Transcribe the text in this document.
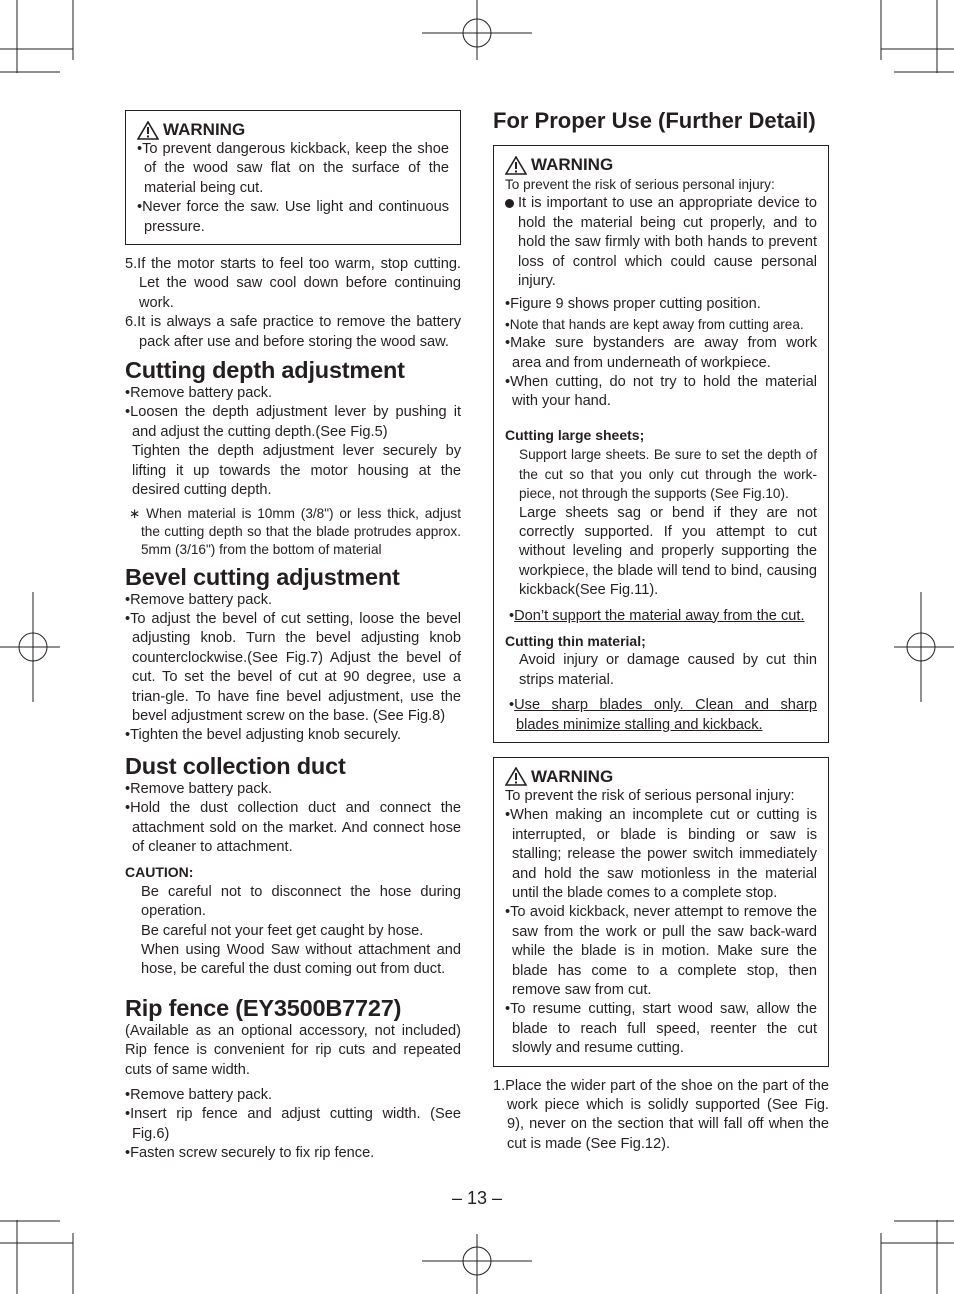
WARNING

•To prevent dangerous kickback, keep the shoe of the wood saw flat on the surface of the material being cut.

•Never force the saw. Use light and continuous pressure.

5.If the motor starts to feel too warm, stop cutting. Let the wood saw cool down before continuing work.

6.It is always a safe practice to remove the battery pack after use and before storing the wood saw.

Cutting depth adjustment

•Remove battery pack.

•Loosen the depth adjustment lever by pushing it and adjust the cutting depth.(See Fig.5)

Tighten the depth adjustment lever securely by lifting it up towards the motor housing at the desired cutting depth.

∗ When material is 10mm (3/8") or less thick, adjust the cutting depth so that the blade protrudes approx. 5mm (3/16") from the bottom of material

Bevel cutting adjustment

•Remove battery pack.

•To adjust the bevel of cut setting, loose the bevel adjusting knob. Turn the bevel adjusting knob counterclockwise.(See Fig.7) Adjust the bevel of cut. To set the bevel of cut at 90 degree, use a trian-gle. To have fine bevel adjustment, use the bevel adjustment screw on the base. (See Fig.8)

•Tighten the bevel adjusting knob securely.

Dust collection duct

•Remove battery pack.

•Hold the dust collection duct and connect the attachment sold on the market. And connect hose of cleaner to attachment.

CAUTION:

Be careful not to disconnect the hose during operation.

Be careful not your feet get caught by hose.

When using Wood Saw without attachment and hose, be careful the dust coming out from duct.

Rip fence (EY3500B7727)

(Available as an optional accessory, not included) Rip fence is convenient for rip cuts and repeated cuts of same width.

•Remove battery pack.

•Insert rip fence and adjust cutting width. (See Fig.6)

•Fasten screw securely to fix rip fence.

For Proper Use (Further Detail)
WARNING

To prevent the risk of serious personal injury:

It is important to use an appropriate device to hold the material being cut properly, and to hold the saw firmly with both hands to prevent loss of control which could cause personal injury.

•Figure 9 shows proper cutting position.

•Note that hands are kept away from cutting area.

•Make sure bystanders are away from work area and from underneath of workpiece.

•When cutting, do not try to hold the material with your hand.

Cutting large sheets;

Support large sheets. Be sure to set the depth of the cut so that you only cut through the work-piece, not through the supports (See Fig.10).

Large sheets sag or bend if they are not correctly supported. If you attempt to cut without leveling and properly supporting the workpiece, the blade will tend to bind, causing kickback(See Fig.11).

•Don’t support the material away from the cut.

Cutting thin material;

Avoid injury or damage caused by cut thin strips material.

•Use sharp blades only. Clean and sharp blades minimize stalling and kickback.

WARNING

To prevent the risk of serious personal injury:

•When making an incomplete cut or cutting is interrupted, or blade is binding or saw is stalling; release the power switch immediately and hold the saw motionless in the material until the blade comes to a complete stop.

•To avoid kickback, never attempt to remove the saw from the work or pull the saw back-ward while the blade is in motion. Make sure the blade has come to a complete stop, then remove saw from cut.

•To resume cutting, start wood saw, allow the blade to reach full speed, reenter the cut slowly and resume cutting.

1.Place the wider part of the shoe on the part of the work piece which is solidly supported (See Fig. 9), never on the section that will fall off when the cut is made (See Fig.12).

– 13 –
